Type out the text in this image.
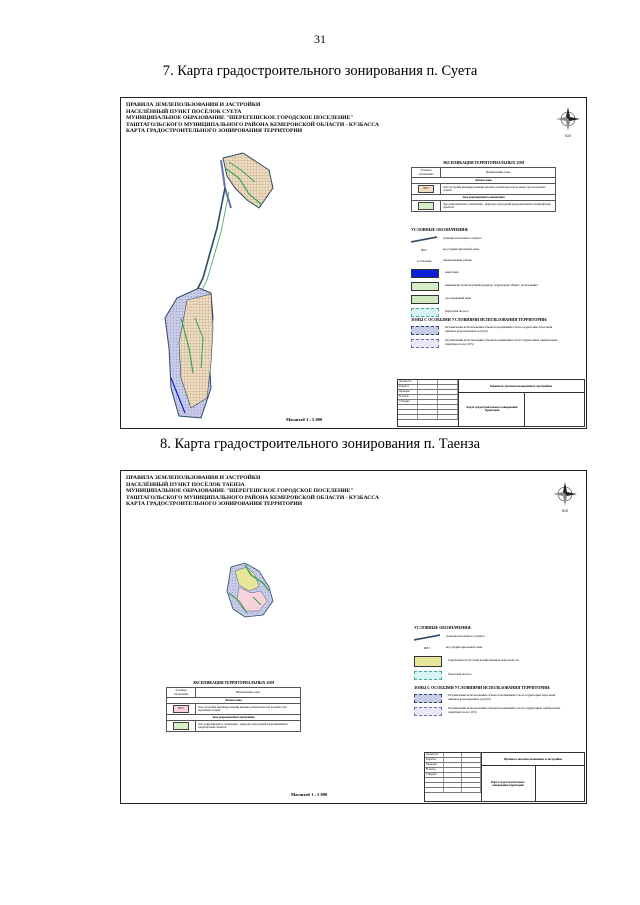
31
7. Карта градостроительного зонирования п. Суета
ПРАВИЛА ЗЕМЛЕПОЛЬЗОВАНИЯ И ЗАСТРОЙКИ
НАСЕЛЁННЫЙ ПУНКТ ПОСЁЛОК СУЕТА
МУНИЦИПАЛЬНОЕ ОБРАЗОВАНИЕ "ШЕРЕГЕШСКОЕ ГОРОДСКОЕ ПОСЕЛЕНИЕ"
ТАШТАГОЛЬСКОГО МУНИЦИПАЛЬНОГО РАЙОНА КЕМЕРОВСКОЙ ОБЛАСТИ - КУЗБАССА
КАРТА ГРАДОСТРОИТЕЛЬНОГО ЗОНИРОВАНИЯ ТЕРРИТОРИИ
ЮЗ
ЭКСПЛИКАЦИЯ ТЕРРИТОРИАЛЬНЫХ ЗОН
Условное обозначение	Наименование зоны
Жилые зоны	
ЖЗ 5	Зона застройки индивидуальными жилыми домами высотой не выше трех надземных этажей
Зона рекреационного назначения	
	Зона рекреационного назначения - природно-культурный рекреационный и ландшафтный объектов
УСЛОВНЫЕ ОБОЗНАЧЕНИЯ:
граница населенного пункта
ЖЗ 5	код территориальной зоны
ул. Ключевая	наименования улицы
акватория
инженерно-транспортный коридор, территория общего пользования
лесопарковый парк
береговая полоса
ЗОНЫ С ОСОБЫМИ УСЛОВИЯМИ ИСПОЛЬЗОВАНИЯ ТЕРРИТОРИИ:
Ограничение использования объектов недвижимости на территории береговой линии и водоохранных зон (02)
Ограничения использования объектов недвижимости на территориях прибрежных защитных полос (03)
Масштаб 1 : 5 000
Должность
Разработ.
Проверил
Н. контр.
Утвердил
Правила землепользования и застройки
Карта градостроительного зонирования территории
8. Карта градостроительного зонирования п. Таенза
ПРАВИЛА ЗЕМЛЕПОЛЬЗОВАНИЯ И ЗАСТРОЙКИ
НАСЕЛЁННЫЙ ПУНКТ ПОСЁЛОК ТАЕНЗА
МУНИЦИПАЛЬНОЕ ОБРАЗОВАНИЕ "ШЕРЕГЕШСКОЕ ГОРОДСКОЕ ПОСЕЛЕНИЕ"
ТАШТАГОЛЬСКОГО МУНИЦИПАЛЬНОГО РАЙОНА КЕМЕРОВСКОЙ ОБЛАСТИ - КУЗБАССА
КАРТА ГРАДОСТРОИТЕЛЬНОГО ЗОНИРОВАНИЯ ТЕРРИТОРИИ
ЮЗ
УСЛОВНЫЕ ОБОЗНАЧЕНИЯ:
граница населенного пункта
ЖЗ 5	код территориальной зоны
территория отсутствия хозяйственной деятельности
береговая полоса
ЗОНЫ С ОСОБЫМИ УСЛОВИЯМИ ИСПОЛЬЗОВАНИЯ ТЕРРИТОРИИ:
Ограничение использования объектов недвижимости на территории береговой линии и водоохранных зон (02)
Ограничения использования объектов недвижимости на территориях прибрежных защитных полос (03)
ЭКСПЛИКАЦИЯ ТЕРРИТОРИАЛЬНЫХ ЗОН
Условное обозначение	Наименование зоны
Жилые зоны	
ЖЗ 5	Зона застройки индивидуальными жилыми домами высотой не выше трех надземных этажей
Зона рекреационного назначения	
	Зона рекреационного назначения - природно-культурный рекреационный и ландшафтный объектов
Масштаб 1 : 5 000
Должность
Разработ.
Проверил
Н. контр.
Утвердил
Правила землепользования и застройки
Карта градостроительного зонирования территории
